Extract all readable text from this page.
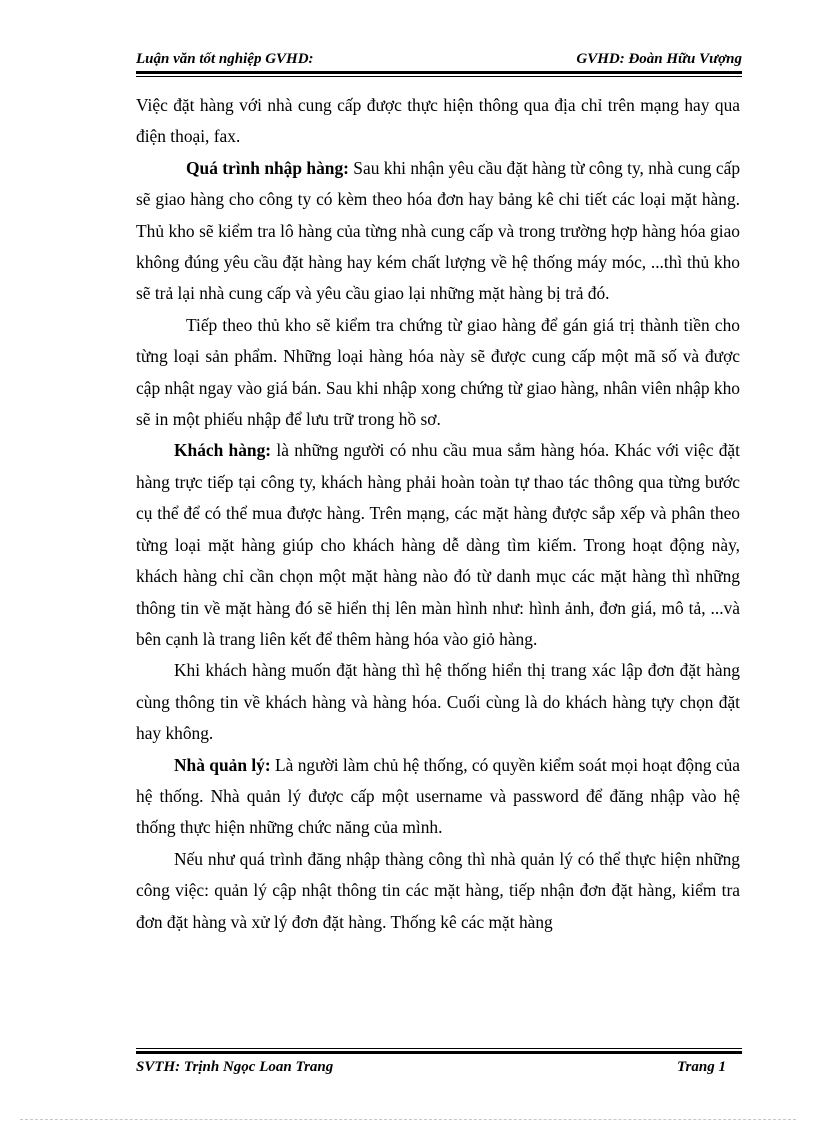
Luận văn tốt nghiệp GVHD:	GVHD: Đoàn Hữu Vượng

Việc đặt hàng với nhà cung cấp được thực hiện thông qua địa chỉ trên mạng hay qua điện thoại, fax.

Quá trình nhập hàng: Sau khi nhận yêu cầu đặt hàng từ công ty, nhà cung cấp sẽ giao hàng cho công ty có kèm theo hóa đơn hay bảng kê chi tiết các loại mặt hàng. Thủ kho sẽ kiểm tra lô hàng của từng nhà cung cấp và trong trường hợp hàng hóa giao không đúng yêu cầu đặt hàng hay kém chất lượng về hệ thống máy móc, ...thì thủ kho sẽ trả lại nhà cung cấp và yêu cầu giao lại những mặt hàng bị trả đó.

Tiếp theo thủ kho sẽ kiểm tra chứng từ giao hàng để gán giá trị thành tiền cho từng loại sản phẩm. Những loại hàng hóa này sẽ được cung cấp một mã số và được cập nhật ngay vào giá bán. Sau khi nhập xong chứng từ giao hàng, nhân viên nhập kho sẽ in một phiếu nhập để lưu trữ trong hồ sơ.

Khách hàng: là những người có nhu cầu mua sắm hàng hóa. Khác với việc đặt hàng trực tiếp tại công ty, khách hàng phải hoàn toàn tự thao tác thông qua từng bước cụ thể để có thể mua được hàng. Trên mạng, các mặt hàng được sắp xếp và phân theo từng loại mặt hàng giúp cho khách hàng dễ dàng tìm kiếm. Trong hoạt động này, khách hàng chỉ cần chọn một mặt hàng nào đó từ danh mục các mặt hàng thì những thông tin về mặt hàng đó sẽ hiển thị lên màn hình như: hình ảnh, đơn giá, mô tả, ...và bên cạnh là trang liên kết để thêm hàng hóa vào giỏ hàng.

Khi khách hàng muốn đặt hàng thì hệ thống hiển thị trang xác lập đơn đặt hàng cùng thông tin về khách hàng và hàng hóa. Cuối cùng là do khách hàng tựy chọn đặt hay không.

Nhà quản lý: Là người làm chủ hệ thống, có quyền kiểm soát mọi hoạt động của hệ thống. Nhà quản lý được cấp một username và password để đăng nhập vào hệ thống thực hiện những chức năng của mình.

Nếu như quá trình đăng nhập thàng công thì nhà quản lý có thể thực hiện những công việc: quản lý cập nhật thông tin các mặt hàng, tiếp nhận đơn đặt hàng, kiểm tra đơn đặt hàng và xử lý đơn đặt hàng. Thống kê các mặt hàng

SVTH: Trịnh Ngọc Loan Trang	Trang 1
